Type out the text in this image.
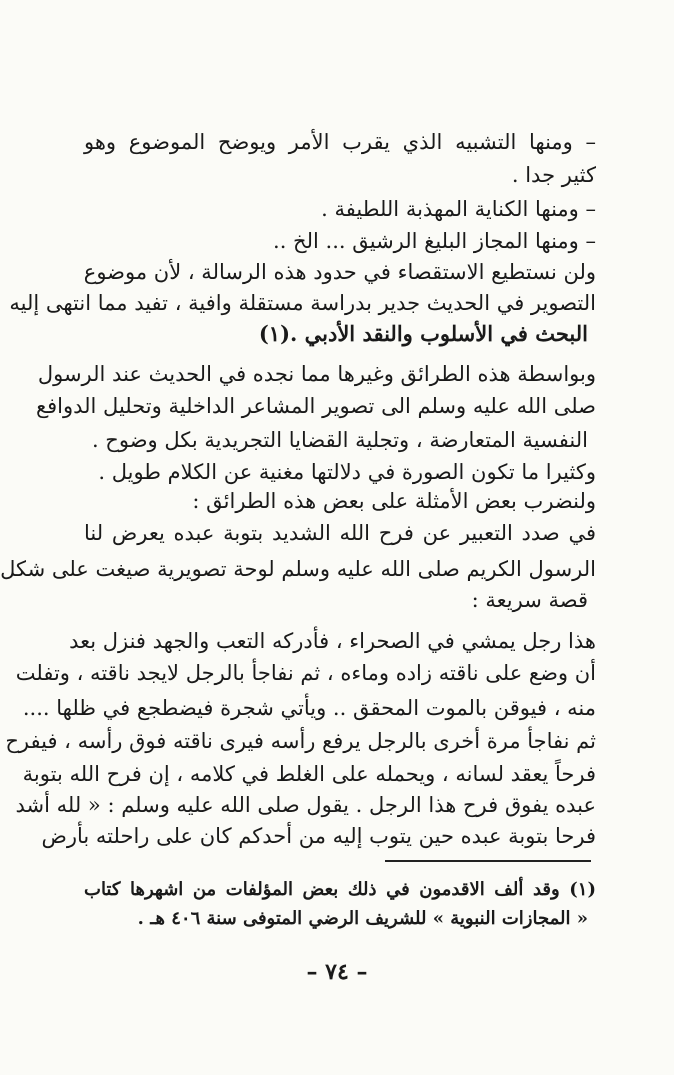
– ومنها التشبيه الذي يقرب الأمر ويوضح الموضوع وهو
كثير جدا .
– ومنها الكناية المهذبة اللطيفة .
– ومنها المجاز البليغ الرشيق ... الخ ..
ولن نستطيع الاستقصاء في حدود هذه الرسالة ، لأن موضوع
التصوير في الحديث جدير بدراسة مستقلة وافية ، تفيد مما انتهى إليه
البحث في الأسلوب والنقد الأدبي .(١)
وبواسطة هذه الطرائق وغيرها مما نجده في الحديث عند الرسول
صلى الله عليه وسلم الى تصوير المشاعر الداخلية وتحليل الدوافع
النفسية المتعارضة ، وتجلية القضايا التجريدية بكل وضوح .
وكثيرا ما تكون الصورة في دلالتها مغنية عن الكلام طويل .
ولنضرب بعض الأمثلة على بعض هذه الطرائق :
في صدد التعبير عن فرح الله الشديد بتوبة عبده يعرض لنا
الرسول الكريم صلى الله عليه وسلم لوحة تصويرية صيغت على شكل
قصة سريعة :
هذا رجل يمشي في الصحراء ، فأدركه التعب والجهد فنزل بعد
أن وضع على ناقته زاده وماءه ، ثم نفاجأ بالرجل لايجد ناقته ، وتفلت
منه ، فيوقن بالموت المحقق .. ويأتي شجرة فيضطجع في ظلها ....
ثم نفاجأ مرة أخرى بالرجل يرفع رأسه فيرى ناقته فوق رأسه ، فيفرح
فرحاً يعقد لسانه ، ويحمله على الغلط في كلامه ، إن فرح الله بتوبة
عبده يفوق فرح هذا الرجل . يقول صلى الله عليه وسلم : « لله أشد
فرحا بتوبة عبده حين يتوب إليه من أحدكم كان على راحلته بأرض
(١) وقد ألف الاقدمون في ذلك بعض المؤلفات من اشهرها كتاب
« المجازات النبوية » للشريف الرضي المتوفى سنة ٤٠٦ هـ .
– ٧٤ –
